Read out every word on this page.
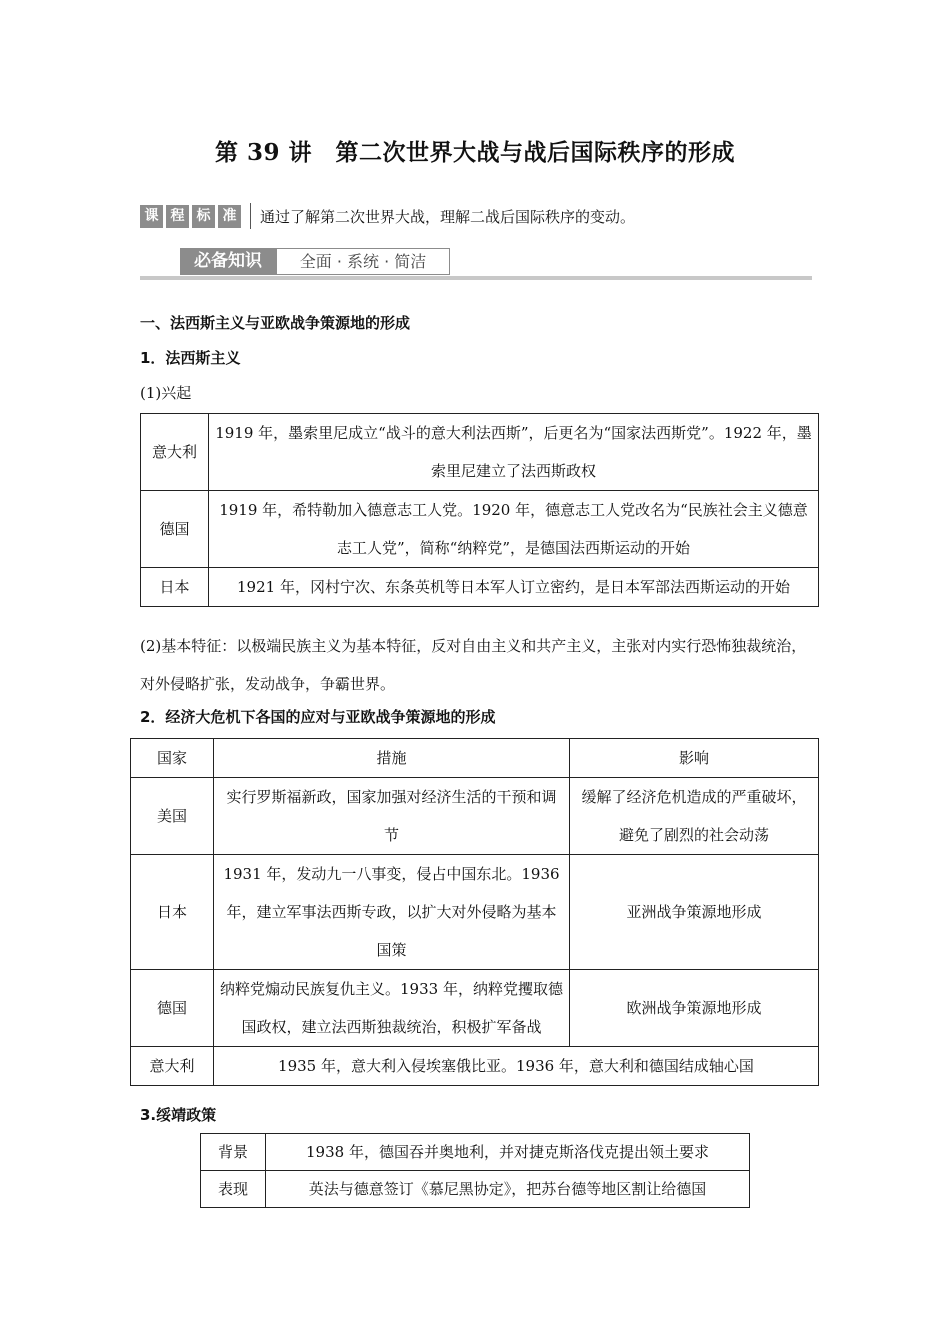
第 39 讲　第二次世界大战与战后国际秩序的形成
课 程 标 准	通过了解第二次世界大战，理解二战后国际秩序的变动。
必备知识	全面 · 系统 · 简洁
一、法西斯主义与亚欧战争策源地的形成
1．法西斯主义
(1)兴起
意大利	1919 年，墨索里尼成立“战斗的意大利法西斯”，后更名为“国家法西斯党”。1922 年，墨索里尼建立了法西斯政权
德国	1919 年，希特勒加入德意志工人党。1920 年，德意志工人党改名为“民族社会主义德意志工人党”，简称“纳粹党”，是德国法西斯运动的开始
日本	1921 年，冈村宁次、东条英机等日本军人订立密约，是日本军部法西斯运动的开始
(2)基本特征：以极端民族主义为基本特征，反对自由主义和共产主义，主张对内实行恐怖独裁统治，对外侵略扩张，发动战争，争霸世界。
2．经济大危机下各国的应对与亚欧战争策源地的形成
国家	措施	影响
美国	实行罗斯福新政，国家加强对经济生活的干预和调节	缓解了经济危机造成的严重破坏，避免了剧烈的社会动荡
日本	1931 年，发动九一八事变，侵占中国东北。1936 年，建立军事法西斯专政，以扩大对外侵略为基本国策	亚洲战争策源地形成
德国	纳粹党煽动民族复仇主义。1933 年，纳粹党攫取德国政权，建立法西斯独裁统治，积极扩军备战	欧洲战争策源地形成
意大利	1935 年，意大利入侵埃塞俄比亚。1936 年，意大利和德国结成轴心国	
3.绥靖政策
背景	1938 年，德国吞并奥地利，并对捷克斯洛伐克提出领土要求
表现	英法与德意签订《慕尼黑协定》，把苏台德等地区割让给德国
